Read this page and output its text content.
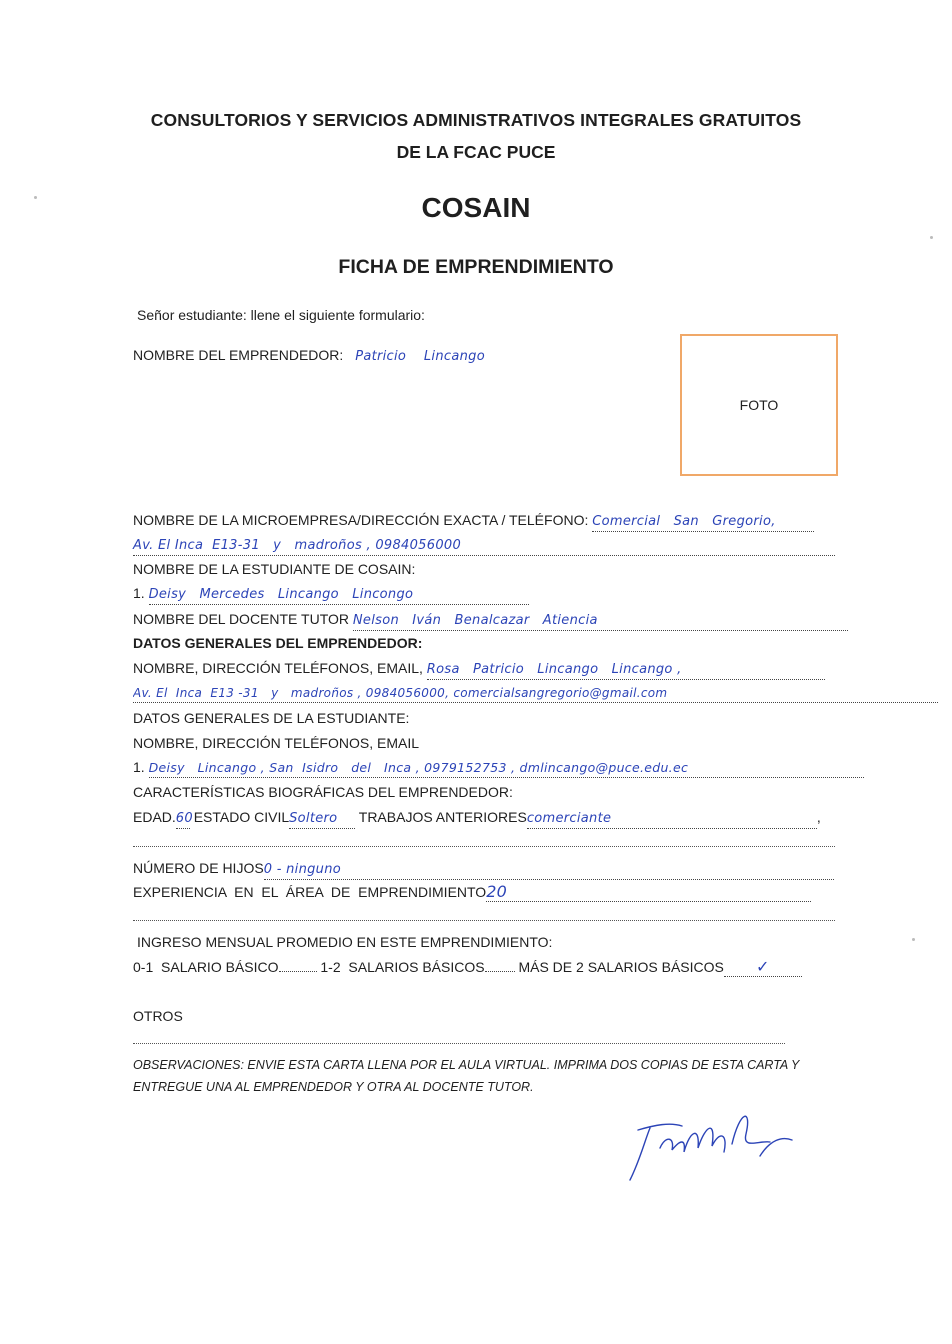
CONSULTORIOS Y SERVICIOS ADMINISTRATIVOS INTEGRALES GRATUITOS
DE LA FCAC PUCE
COSAIN
FICHA DE EMPRENDIMIENTO
Señor estudiante: llene el siguiente formulario:
NOMBRE DEL EMPRENDEDOR: Patricio    Lincango
FOTO
NOMBRE DE LA MICROEMPRESA/DIRECCIÓN EXACTA / TELÉFONO: Comercial   San   Gregorio,
Av. El Inca  E13-31   y   madroños , 0984056000
NOMBRE DE LA ESTUDIANTE DE COSAIN:
1. Deisy   Mercedes   Lincango   Lincongo
NOMBRE DEL DOCENTE TUTOR Nelson   Iván   Benalcazar   Atiencia
DATOS GENERALES DEL EMPRENDEDOR:
NOMBRE, DIRECCIÓN TELÉFONOS, EMAIL, Rosa   Patricio   Lincango   Lincango ,
Av. El  Inca  E13 -31   y   madroños , 0984056000, comercialsangregorio@gmail.com
DATOS GENERALES DE LA ESTUDIANTE:
NOMBRE, DIRECCIÓN TELÉFONOS, EMAIL
1. Deisy   Lincango , San  Isidro   del   Inca , 0979152753 , dmlincango@puce.edu.ec
CARACTERÍSTICAS BIOGRÁFICAS DEL EMPRENDEDOR:
EDAD.60 ESTADO CIVILSoltero TRABAJOS ANTERIOREScomerciante	,
NÚMERO DE HIJOS0 - ninguno
EXPERIENCIA  EN  EL  ÁREA  DE  EMPRENDIMIENTO20
INGRESO MENSUAL PROMEDIO EN ESTE EMPRENDIMIENTO:
0-1  SALARIO BÁSICO	1-2  SALARIOS BÁSICOS MÁS DE 2 SALARIOS BÁSICOS ✓
OTROS
OBSERVACIONES: ENVIE ESTA CARTA LLENA POR EL AULA VIRTUAL. IMPRIMA DOS COPIAS DE ESTA CARTA Y
ENTREGUE UNA AL EMPRENDEDOR Y OTRA AL DOCENTE TUTOR.
